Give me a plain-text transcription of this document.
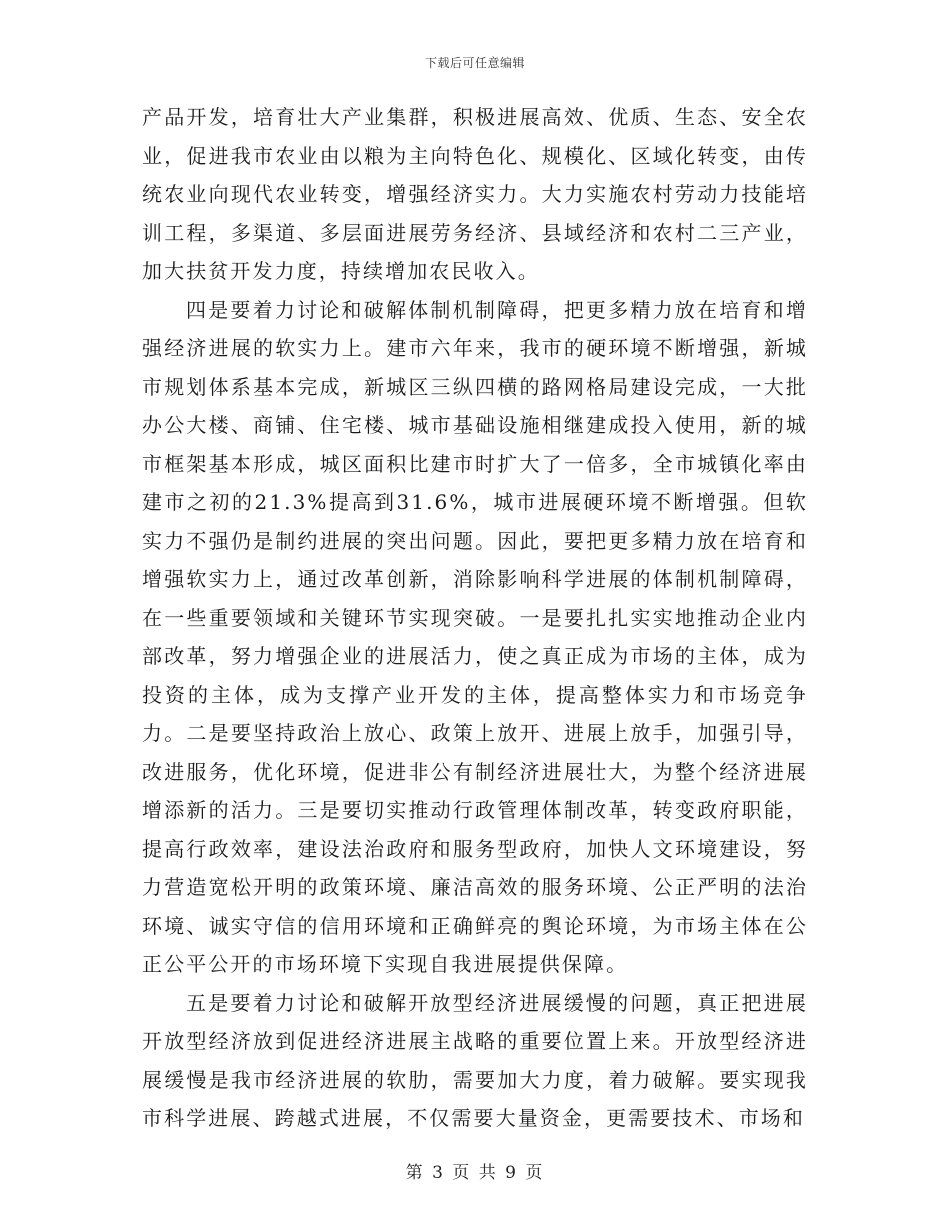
下载后可任意编辑

产品开发，培育壮大产业集群，积极进展高效、优质、生态、安全农业，促进我市农业由以粮为主向特色化、规模化、区域化转变，由传统农业向现代农业转变，增强经济实力。大力实施农村劳动力技能培训工程，多渠道、多层面进展劳务经济、县域经济和农村二三产业，加大扶贫开发力度，持续增加农民收入。

四是要着力讨论和破解体制机制障碍，把更多精力放在培育和增强经济进展的软实力上。建市六年来，我市的硬环境不断增强，新城市规划体系基本完成，新城区三纵四横的路网格局建设完成，一大批办公大楼、商铺、住宅楼、城市基础设施相继建成投入使用，新的城市框架基本形成，城区面积比建市时扩大了一倍多，全市城镇化率由建市之初的21.3%提高到31.6%，城市进展硬环境不断增强。但软实力不强仍是制约进展的突出问题。因此，要把更多精力放在培育和增强软实力上，通过改革创新，消除影响科学进展的体制机制障碍，在一些重要领域和关键环节实现突破。一是要扎扎实实地推动企业内部改革，努力增强企业的进展活力，使之真正成为市场的主体，成为投资的主体，成为支撑产业开发的主体，提高整体实力和市场竞争力。二是要坚持政治上放心、政策上放开、进展上放手，加强引导，改进服务，优化环境，促进非公有制经济进展壮大，为整个经济进展增添新的活力。三是要切实推动行政管理体制改革，转变政府职能，提高行政效率，建设法治政府和服务型政府，加快人文环境建设，努力营造宽松开明的政策环境、廉洁高效的服务环境、公正严明的法治环境、诚实守信的信用环境和正确鲜亮的舆论环境，为市场主体在公正公平公开的市场环境下实现自我进展提供保障。

五是要着力讨论和破解开放型经济进展缓慢的问题，真正把进展开放型经济放到促进经济进展主战略的重要位置上来。开放型经济进展缓慢是我市经济进展的软肋，需要加大力度，着力破解。要实现我市科学进展、跨越式进展，不仅需要大量资金，更需要技术、市场和

第 3 页 共 9 页
